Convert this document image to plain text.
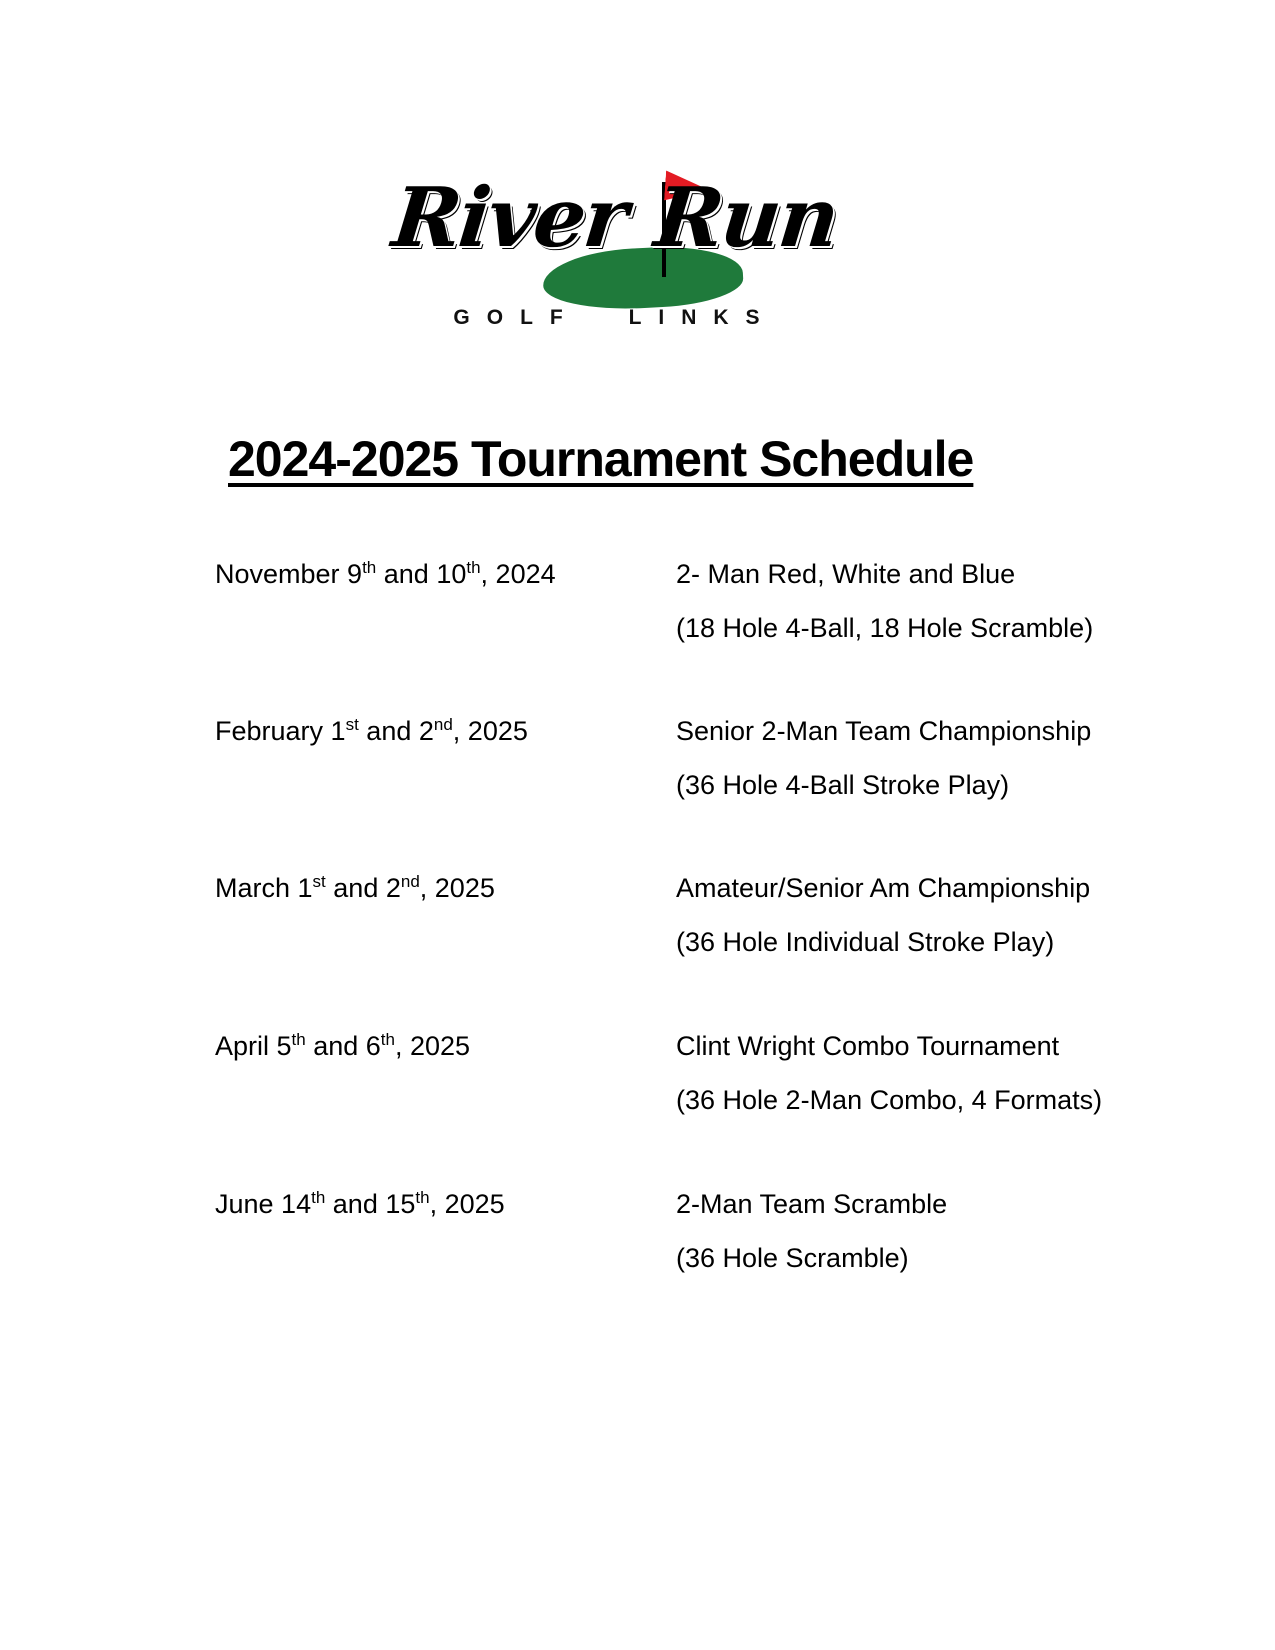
River Run
GOLF LINKS
2024-2025 Tournament Schedule
November 9th and 10th, 2024	2- Man Red, White and Blue
(18 Hole 4-Ball, 18 Hole Scramble)
February 1st and 2nd, 2025	Senior 2-Man Team Championship
(36 Hole 4-Ball Stroke Play)
March 1st and 2nd, 2025	Amateur/Senior Am Championship
(36 Hole Individual Stroke Play)
April 5th and 6th, 2025	Clint Wright Combo Tournament
(36 Hole 2-Man Combo, 4 Formats)
June 14th and 15th, 2025	2-Man Team Scramble
(36 Hole Scramble)
